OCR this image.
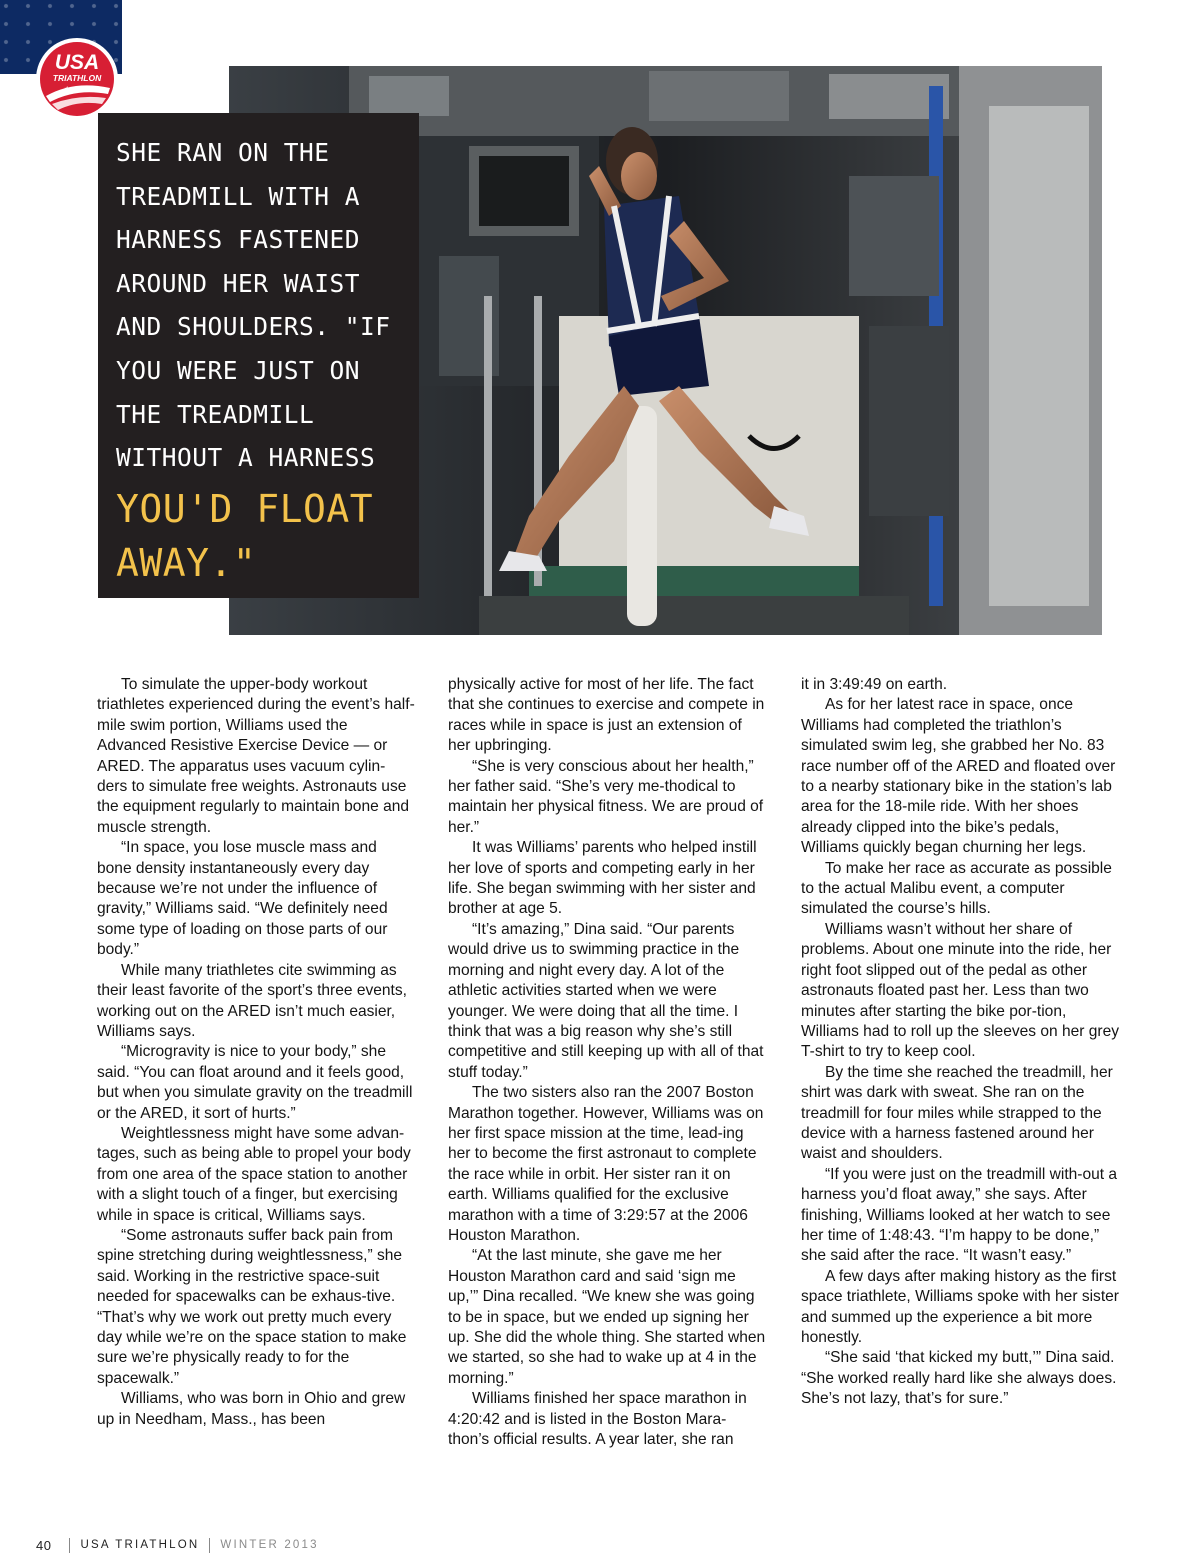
USA
TRIATHLON
★ ★
SHE RAN ON THE TREADMILL WITH A HARNESS FASTENED AROUND HER WAIST AND SHOULDERS. "IF YOU WERE JUST ON THE TREADMILL WITHOUT A HARNESS
YOU'D FLOAT AWAY."

To simulate the upper-body workout triathletes experienced during the event’s half-mile swim portion, Williams used the Advanced Resistive Exercise Device — or ARED. The apparatus uses vacuum cylin-ders to simulate free weights. Astronauts use the equipment regularly to maintain bone and muscle strength.

“In space, you lose muscle mass and bone density instantaneously every day because we’re not under the influence of gravity,” Williams said. “We definitely need some type of loading on those parts of our body.”

While many triathletes cite swimming as their least favorite of the sport’s three events, working out on the ARED isn’t much easier, Williams says.

“Microgravity is nice to your body,” she said. “You can float around and it feels good, but when you simulate gravity on the treadmill or the ARED, it sort of hurts.”

Weightlessness might have some advan-tages, such as being able to propel your body from one area of the space station to another with a slight touch of a finger, but exercising while in space is critical, Williams says.

“Some astronauts suffer back pain from spine stretching during weightlessness,” she said. Working in the restrictive space-suit needed for spacewalks can be exhaus-tive. “That’s why we work out pretty much every day while we’re on the space station to make sure we’re physically ready to for the spacewalk.”

Williams, who was born in Ohio and grew up in Needham, Mass., has been

physically active for most of her life. The fact that she continues to exercise and compete in races while in space is just an extension of her upbringing.

“She is very conscious about her health,” her father said. “She’s very me-thodical to maintain her physical fitness. We are proud of her.”

It was Williams’ parents who helped instill her love of sports and competing early in her life. She began swimming with her sister and brother at age 5.

“It’s amazing,” Dina said. “Our parents would drive us to swimming practice in the morning and night every day. A lot of the athletic activities started when we were younger. We were doing that all the time. I think that was a big reason why she’s still competitive and still keeping up with all of that stuff today.”

The two sisters also ran the 2007 Boston Marathon together. However, Williams was on her first space mission at the time, lead-ing her to become the first astronaut to complete the race while in orbit. Her sister ran it on earth. Williams qualified for the exclusive marathon with a time of 3:29:57 at the 2006 Houston Marathon.

“At the last minute, she gave me her Houston Marathon card and said ‘sign me up,’” Dina recalled. “We knew she was going to be in space, but we ended up signing her up. She did the whole thing. She started when we started, so she had to wake up at 4 in the morning.”

Williams finished her space marathon in 4:20:42 and is listed in the Boston Mara-thon’s official results. A year later, she ran

it in 3:49:49 on earth.

As for her latest race in space, once Williams had completed the triathlon’s simulated swim leg, she grabbed her No. 83 race number off of the ARED and floated over to a nearby stationary bike in the station’s lab area for the 18-mile ride. With her shoes already clipped into the bike’s pedals, Williams quickly began churning her legs.

To make her race as accurate as possible to the actual Malibu event, a computer simulated the course’s hills.

Williams wasn’t without her share of problems. About one minute into the ride, her right foot slipped out of the pedal as other astronauts floated past her. Less than two minutes after starting the bike por-tion, Williams had to roll up the sleeves on her grey T-shirt to try to keep cool.

By the time she reached the treadmill, her shirt was dark with sweat. She ran on the treadmill for four miles while strapped to the device with a harness fastened around her waist and shoulders.

“If you were just on the treadmill with-out a harness you’d float away,” she says. After finishing, Williams looked at her watch to see her time of 1:48:43. “I’m happy to be done,” she said after the race. “It wasn’t easy.”

A few days after making history as the first space triathlete, Williams spoke with her sister and summed up the experience a bit more honestly.

“She said ‘that kicked my butt,’” Dina said. “She worked really hard like she always does. She’s not lazy, that’s for sure.”

40	USA TRIATHLON WINTER 2013
